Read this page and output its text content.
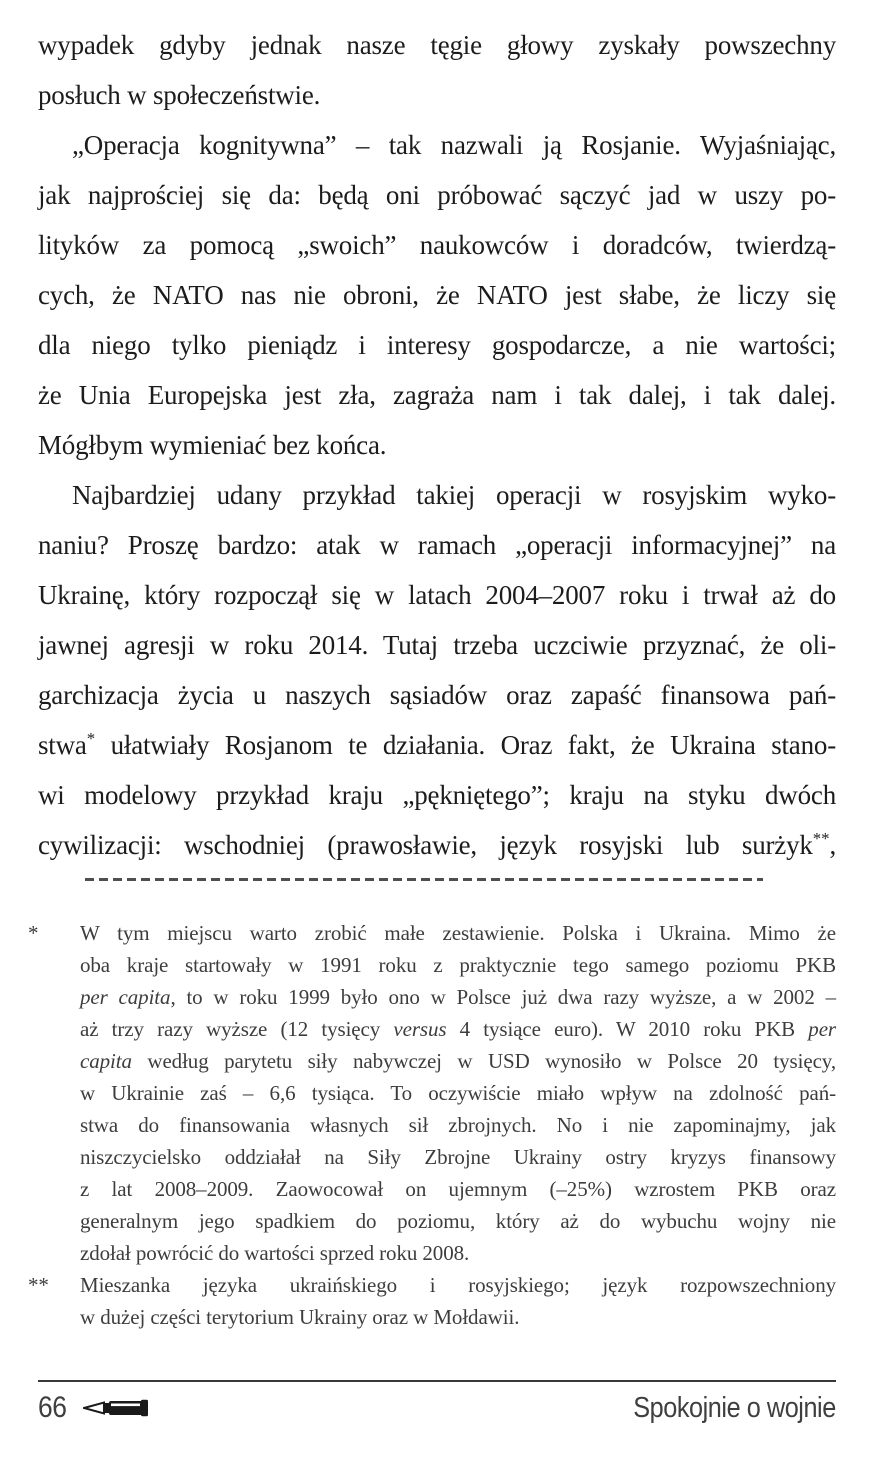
wypadek gdyby jednak nasze tęgie głowy zyskały powszechny
posłuch w społeczeństwie.
„Operacja kognitywna” – tak nazwali ją Rosjanie. Wyjaśniając,
jak najprościej się da: będą oni próbować sączyć jad w uszy po-
lityków za pomocą „swoich” naukowców i doradców, twierdzą-
cych, że NATO nas nie obroni, że NATO jest słabe, że liczy się
dla niego tylko pieniądz i interesy gospodarcze, a nie wartości;
że Unia Europejska jest zła, zagraża nam i tak dalej, i tak dalej.
Mógłbym wymieniać bez końca.
Najbardziej udany przykład takiej operacji w rosyjskim wyko-
naniu? Proszę bardzo: atak w ramach „operacji informacyjnej” na
Ukrainę, który rozpoczął się w latach 2004–2007 roku i trwał aż do
jawnej agresji w roku 2014. Tutaj trzeba uczciwie przyznać, że oli-
garchizacja życia u naszych sąsiadów oraz zapaść finansowa pań-
stwa* ułatwiały Rosjanom te działania. Oraz fakt, że Ukraina stano-
wi modelowy przykład kraju „pękniętego”; kraju na styku dwóch
cywilizacji: wschodniej (prawosławie, język rosyjski lub surżyk**,
*	W tym miejscu warto zrobić małe zestawienie. Polska i Ukraina. Mimo że
oba kraje startowały w 1991 roku z praktycznie tego samego poziomu PKB
per capita, to w roku 1999 było ono w Polsce już dwa razy wyższe, a w 2002 –
aż trzy razy wyższe (12 tysięcy versus 4 tysiące euro). W 2010 roku PKB per
capita według parytetu siły nabywczej w USD wynosiło w Polsce 20 tysięcy,
w Ukrainie zaś – 6,6 tysiąca. To oczywiście miało wpływ na zdolność pań-
stwa do finansowania własnych sił zbrojnych. No i nie zapominajmy, jak
niszczycielsko oddziałał na Siły Zbrojne Ukrainy ostry kryzys finansowy
z lat 2008–2009. Zaowocował on ujemnym (–25%) wzrostem PKB oraz
generalnym jego spadkiem do poziomu, który aż do wybuchu wojny nie
zdołał powrócić do wartości sprzed roku 2008.
**	Mieszanka języka ukraińskiego i rosyjskiego; język rozpowszechniony
w dużej części terytorium Ukrainy oraz w Mołdawii.
66	Spokojnie o wojnie
